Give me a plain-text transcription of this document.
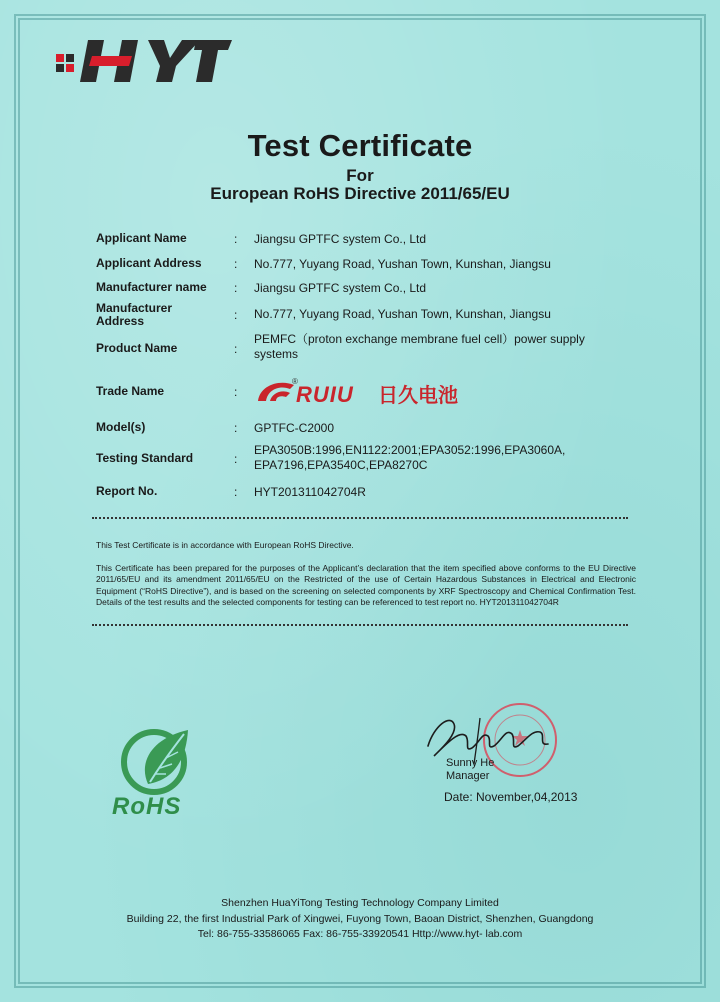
Test Certificate
For
European RoHS Directive 2011/65/EU
Applicant Name	: Jiangsu GPTFC system Co., Ltd
Applicant Address	: No.777, Yuyang Road, Yushan Town, Kunshan, Jiangsu
Manufacturer name	: Jiangsu GPTFC system Co., Ltd
Manufacturer Address	: No.777, Yuyang Road, Yushan Town, Kunshan, Jiangsu
Product Name	:
PEMFC（proton exchange membrane fuel cell）power supply systems
Trade Name	:
®
RUIU 日久电池
Model(s)	: GPTFC-C2000
Testing Standard	:
EPA3050B:1996,EN1122:2001;EPA3052:1996,EPA3060A, EPA7196,EPA3540C,EPA8270C
Report No.	: HYT201311042704R
This Test Certificate is in accordance with European RoHS Directive.
This Certificate has been prepared for the purposes of the Applicant’s declaration that the item specified above conforms to the EU Directive 2011/65/EU and its amendment 2011/65/EU on the Restricted of the use of Certain Hazardous Substances in Electrical and Electronic Equipment (“RoHS Directive”), and is based on the screening on selected components by XRF Spectroscopy and Chemical Confirmation Test. Details of the test results and the selected components for testing can be referenced to test report no. HYT201311042704R
RoHS
Sunny He
Manager
Date: November,04,2013
Shenzhen HuaYiTong Testing Technology Company Limited
Building 22, the first Industrial Park of Xingwei, Fuyong Town, Baoan District, Shenzhen, Guangdong
Tel: 86-755-33586065 Fax: 86-755-33920541 Http://www.hyt- lab.com
